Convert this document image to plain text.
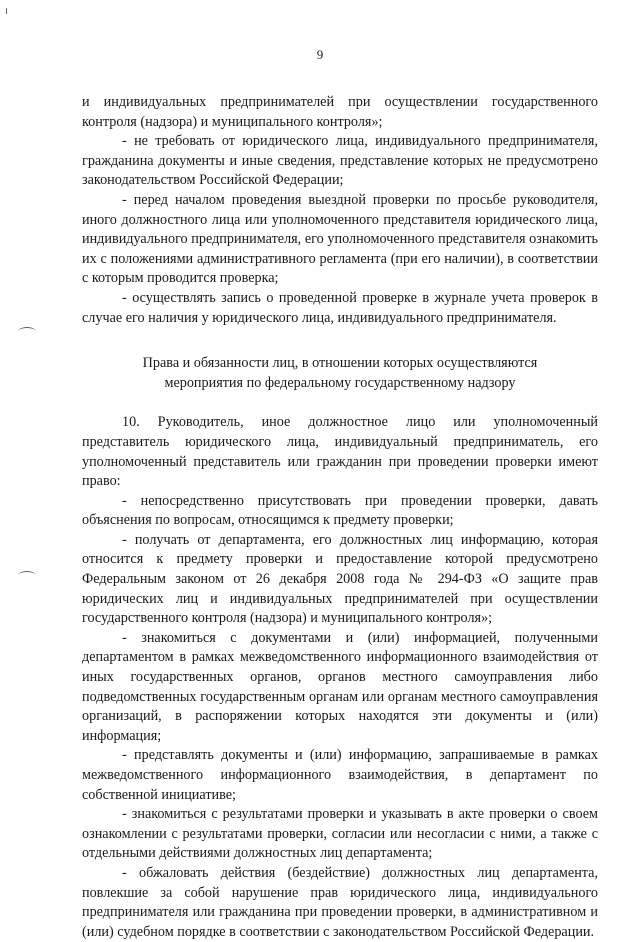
9

и индивидуальных предпринимателей при осуществлении государственного контроля (надзора) и муниципального контроля»;

- не требовать от юридического лица, индивидуального предпринимателя, гражданина документы и иные сведения, представление которых не предусмотрено законодательством Российской Федерации;

- перед началом проведения выездной проверки по просьбе руководителя, иного должностного лица или уполномоченного представителя юридического лица, индивидуального предпринимателя, его уполномоченного представителя ознакомить их с положениями административного регламента (при его наличии), в соответствии с которым проводится проверка;

- осуществлять запись о проведенной проверке в журнале учета проверок в случае его наличия у юридического лица, индивидуального предпринимателя.

Права и обязанности лиц, в отношении которых осуществляются мероприятия по федеральному государственному надзору

10. Руководитель, иное должностное лицо или уполномоченный представитель юридического лица, индивидуальный предприниматель, его уполномоченный представитель или гражданин при проведении проверки имеют право:

- непосредственно присутствовать при проведении проверки, давать объяснения по вопросам, относящимся к предмету проверки;

- получать от департамента, его должностных лиц информацию, которая относится к предмету проверки и предоставление которой предусмотрено Федеральным законом от 26 декабря 2008 года № 294-ФЗ «О защите прав юридических лиц и индивидуальных предпринимателей при осуществлении государственного контроля (надзора) и муниципального контроля»;

- знакомиться с документами и (или) информацией, полученными департаментом в рамках межведомственного информационного взаимодействия от иных государственных органов, органов местного самоуправления либо подведомственных государственным органам или органам местного самоуправления организаций, в распоряжении которых находятся эти документы и (или) информация;

- представлять документы и (или) информацию, запрашиваемые в рамках межведомственного информационного взаимодействия, в департамент по собственной инициативе;

- знакомиться с результатами проверки и указывать в акте проверки о своем ознакомлении с результатами проверки, согласии или несогласии с ними, а также с отдельными действиями должностных лиц департамента;

- обжаловать действия (бездействие) должностных лиц департамента, повлекшие за собой нарушение прав юридического лица, индивидуального предпринимателя или гражданина при проведении проверки, в административном и (или) судебном порядке в соответствии с законодательством Российской Федерации.
